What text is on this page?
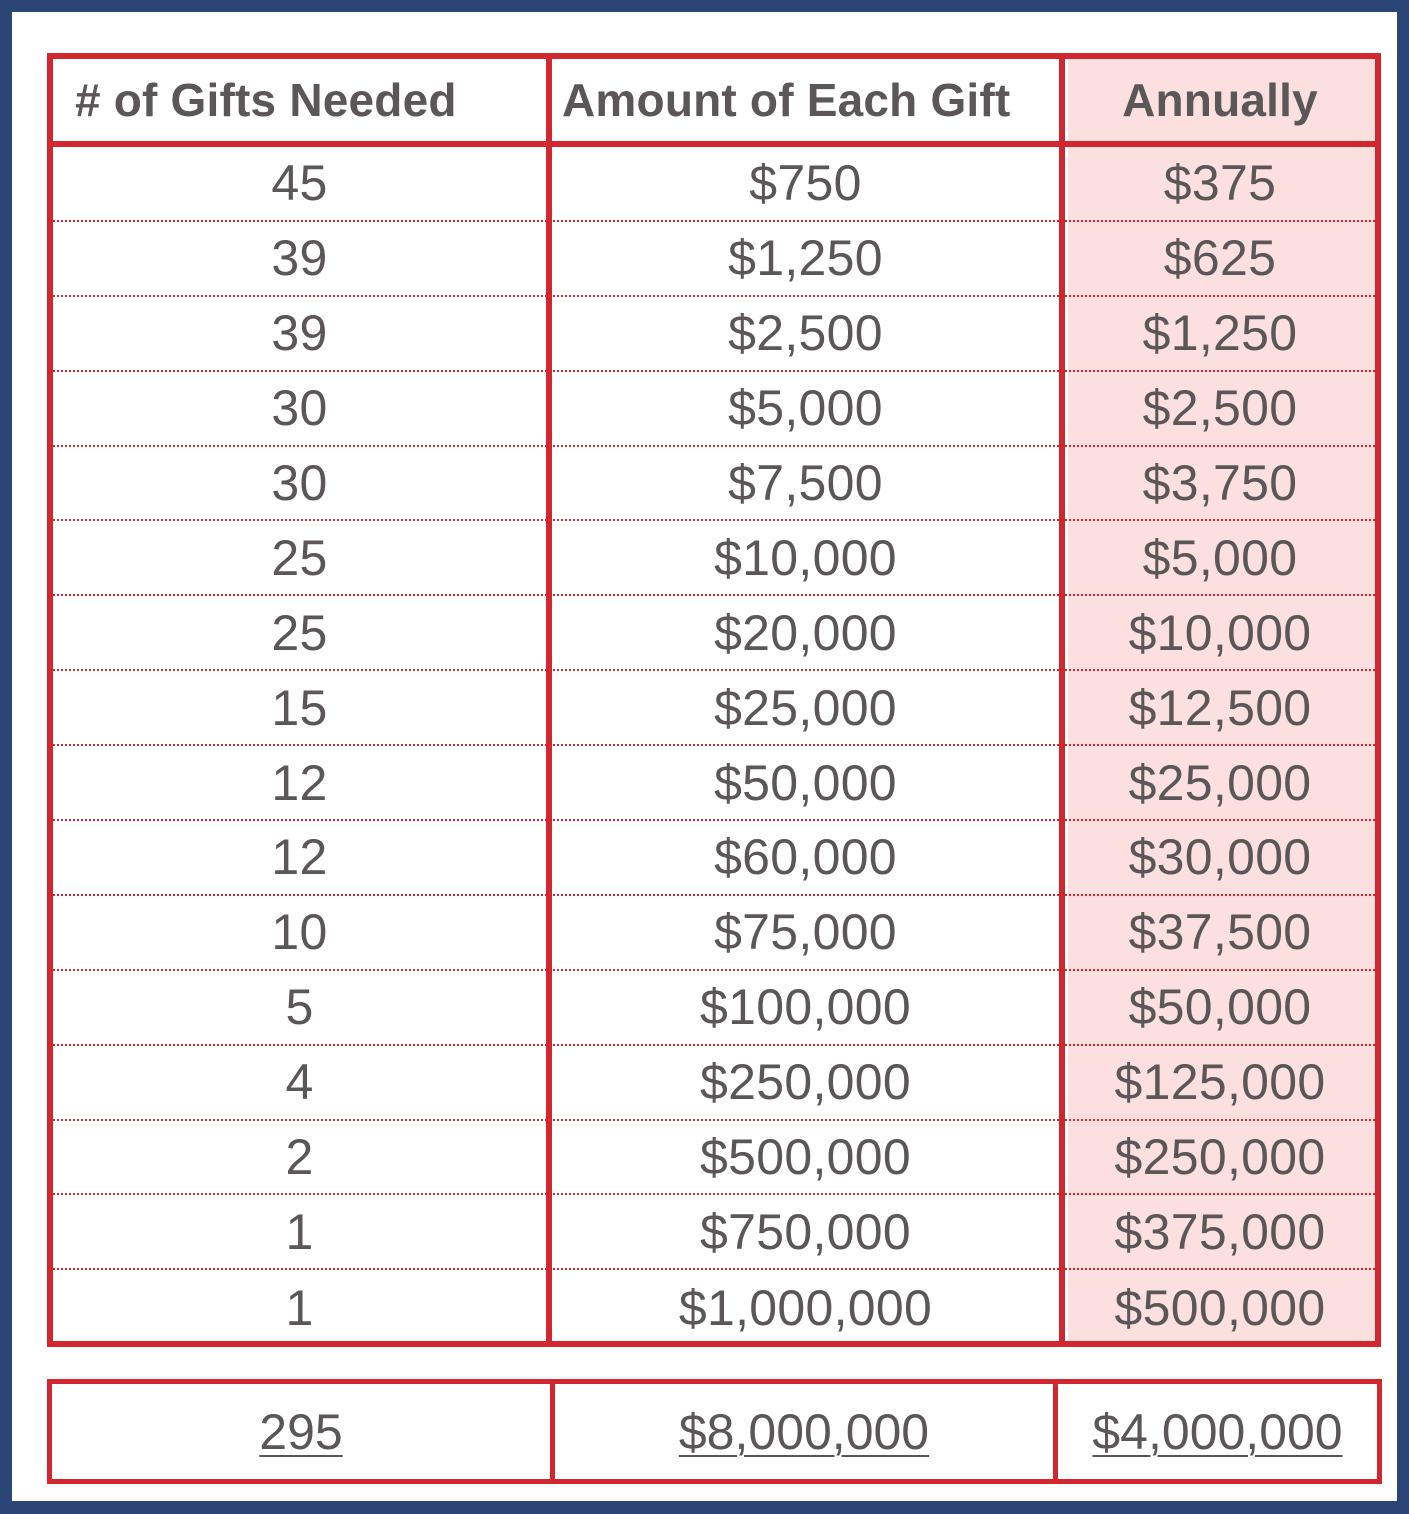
# of Gifts Needed	Amount of Each Gift	Annually
45	$750	$375
39	$1,250	$625
39	$2,500	$1,250
30	$5,000	$2,500
30	$7,500	$3,750
25	$10,000	$5,000
25	$20,000	$10,000
15	$25,000	$12,500
12	$50,000	$25,000
12	$60,000	$30,000
10	$75,000	$37,500
5	$100,000	$50,000
4	$250,000	$125,000
2	$500,000	$250,000
1	$750,000	$375,000
1	$1,000,000	$500,000
295	$8,000,000	$4,000,000
